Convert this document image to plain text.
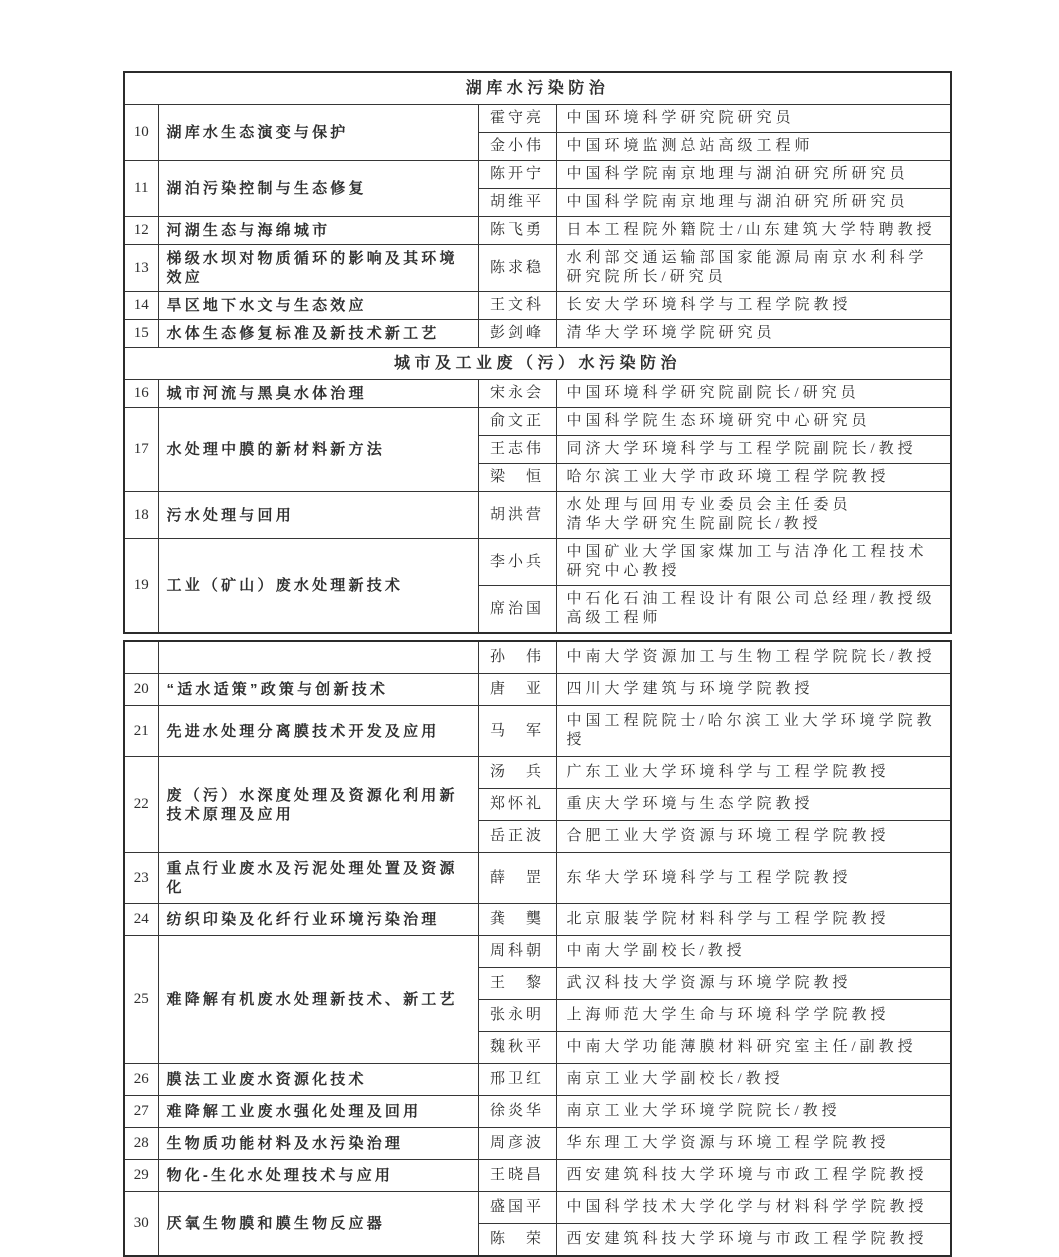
湖库水污染防治			
10	湖库水生态演变与保护	霍守亮	中国环境科学研究院研究员
		金小伟	中国环境监测总站高级工程师
11	湖泊污染控制与生态修复	陈开宁	中国科学院南京地理与湖泊研究所研究员
		胡维平	中国科学院南京地理与湖泊研究所研究员
12	河湖生态与海绵城市	陈飞勇	日本工程院外籍院士/山东建筑大学特聘教授
13	梯级水坝对物质循环的影响及其环境效应	陈求稳	水利部交通运输部国家能源局南京水利科学研究院所长/研究员
14	旱区地下水文与生态效应	王文科	长安大学环境科学与工程学院教授
15	水体生态修复标准及新技术新工艺	彭剑峰	清华大学环境学院研究员
城市及工业废（污）水污染防治			
16	城市河流与黑臭水体治理	宋永会	中国环境科学研究院副院长/研究员
17	水处理中膜的新材料新方法	俞文正	中国科学院生态环境研究中心研究员
		王志伟	同济大学环境科学与工程学院副院长/教授
		梁　恒	哈尔滨工业大学市政环境工程学院教授
18	污水处理与回用	胡洪营	水处理与回用专业委员会主任委员
清华大学研究生院副院长/教授
19	工业（矿山）废水处理新技术	李小兵	中国矿业大学国家煤加工与洁净化工程技术研究中心教授
		席治国	中石化石油工程设计有限公司总经理/教授级高级工程师
		孙　伟	中南大学资源加工与生物工程学院院长/教授
20	“适水适策”政策与创新技术	唐　亚	四川大学建筑与环境学院教授
21	先进水处理分离膜技术开发及应用	马　军	中国工程院院士/哈尔滨工业大学环境学院教授
22	废（污）水深度处理及资源化利用新技术原理及应用	汤　兵	广东工业大学环境科学与工程学院教授
		郑怀礼	重庆大学环境与生态学院教授
		岳正波	合肥工业大学资源与环境工程学院教授
23	重点行业废水及污泥处理处置及资源化	薛　罡	东华大学环境科学与工程学院教授
24	纺织印染及化纤行业环境污染治理	龚　龑	北京服装学院材料科学与工程学院教授
25	难降解有机废水处理新技术、新工艺	周科朝	中南大学副校长/教授
		王　黎	武汉科技大学资源与环境学院教授
		张永明	上海师范大学生命与环境科学学院教授
		魏秋平	中南大学功能薄膜材料研究室主任/副教授
26	膜法工业废水资源化技术	邢卫红	南京工业大学副校长/教授
27	难降解工业废水强化处理及回用	徐炎华	南京工业大学环境学院院长/教授
28	生物质功能材料及水污染治理	周彦波	华东理工大学资源与环境工程学院教授
29	物化-生化水处理技术与应用	王晓昌	西安建筑科技大学环境与市政工程学院教授
30	厌氧生物膜和膜生物反应器	盛国平	中国科学技术大学化学与材料科学学院教授
		陈　荣	西安建筑科技大学环境与市政工程学院教授
